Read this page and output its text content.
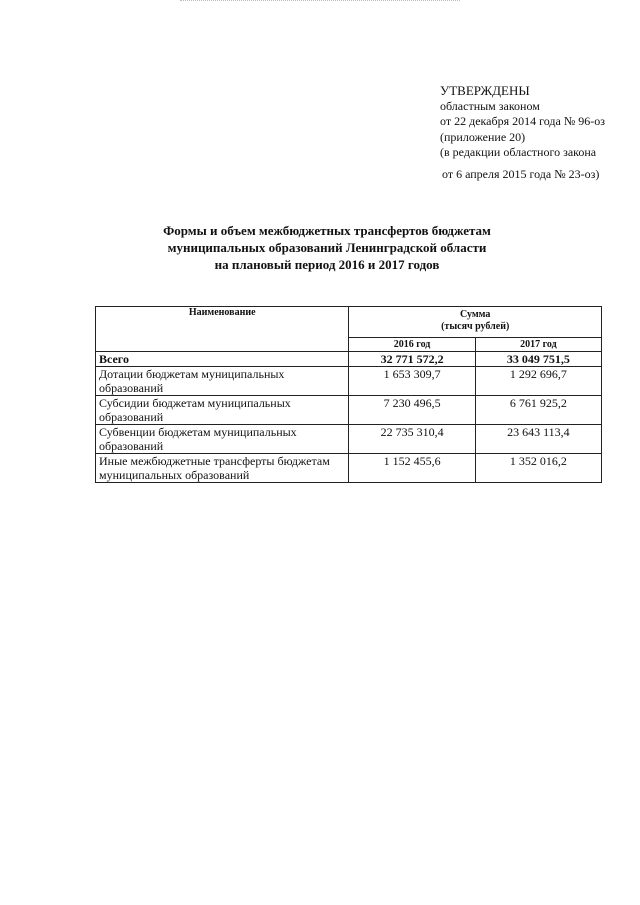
УТВЕРЖДЕНЫ
областным законом
от 22 декабря 2014 года № 96-оз
(приложение 20)
(в редакции областного закона
от 6 апреля 2015 года № 23-оз)
Формы и объем межбюджетных трансфертов бюджетам
муниципальных образований Ленинградской области
на плановый период 2016 и 2017 годов
Наименование	Сумма
(тысяч рублей)	

	2016 год	2017 год
Всего	32 771 572,2	33 049 751,5
Дотации бюджетам муниципальных образований	1 653 309,7	1 292 696,7
Субсидии бюджетам муниципальных образований	7 230 496,5	6 761 925,2
Субвенции бюджетам муниципальных образований	22 735 310,4	23 643 113,4
Иные межбюджетные трансферты бюджетам муниципальных образований	1 152 455,6	1 352 016,2
